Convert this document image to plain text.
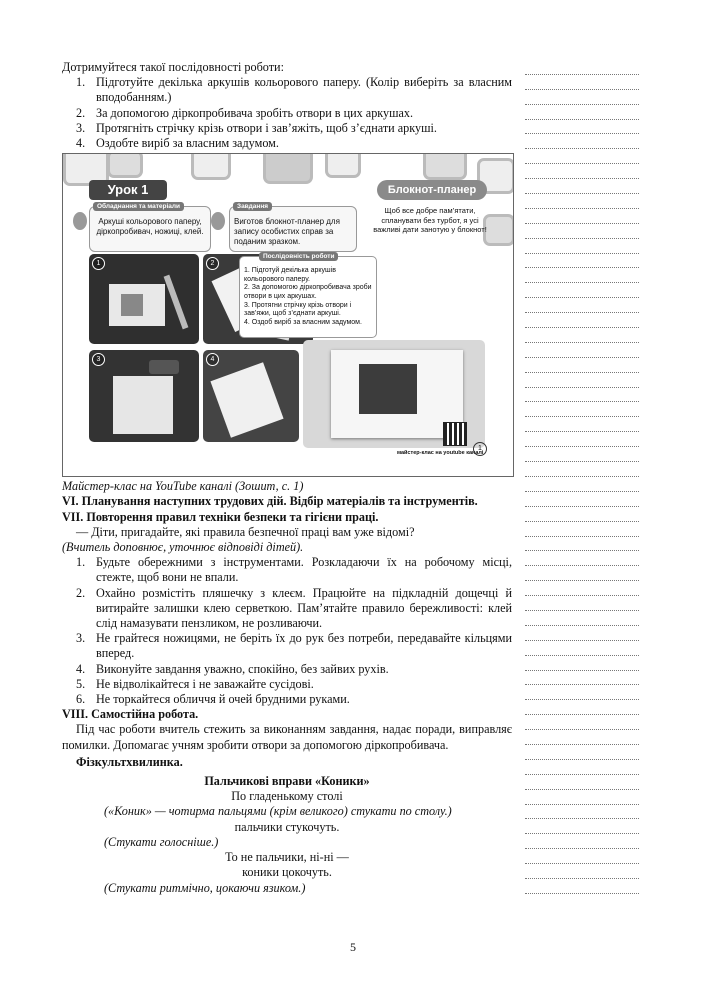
Дотримуйтеся такої послідовності роботи:

1. Підготуйте декілька аркушів кольорового паперу. (Колір виберіть за власним вподобанням.)
2. За допомогою діркопробивача зробіть отвори в цих аркушах.
3. Протягніть стрічку крізь отвори і зав’яжіть, щоб з’єднати аркуші.
4. Оздобте виріб за власним задумом.
Урок 1	Блокнот-планер
Аркуші кольорового паперу, діркопробивач, ножиці, клей.
Обладнання та матеріали
Виготов блокнот-планер для запису особистих справ за поданим зразком.
Завдання	Щоб все добре пам’ятати, спланувати без турбот, я усі важливі дати занотую у блокнот!
1	2
1. Підготуй декілька аркушів кольорового паперу.
2. За допомогою діркопробивача зроби отвори в цих аркушах.
3. Протягни стрічку крізь отвори і зав’яжи, щоб з’єднати аркуші.
4. Оздоб виріб за власним задумом.
Послідовність роботи
3	4
майстер-клас на youtube каналі
1

Майстер-клас на YouTube каналі (Зошит, с. 1)

VI. Планування наступних трудових дій. Відбір матеріалів та інструментів.

VII. Повторення правил техніки безпеки та гігієни праці.

— Діти, пригадайте, які правила безпечної праці вам уже відомі?

(Вчитель доповнює, уточнює відповіді дітей).

1. Будьте обережними з інструментами. Розкладаючи їх на робочому місці, стежте, щоб вони не впали.
2. Охайно розмістіть пляшечку з клеєм. Працюйте на підкладній дощечці й витирайте залишки клею серветкою. Пам’ятайте правило бережливості: клей слід намазувати пензликом, не розливаючи.
3. Не грайтеся ножицями, не беріть їх до рук без потреби, передавайте кільцями вперед.
4. Виконуйте завдання уважно, спокійно, без зайвих рухів.
5. Не відволікайтеся і не заважайте сусідові.
6. Не торкайтеся обличчя й очей брудними руками.

VIII. Самостійна робота.

Під час роботи вчитель стежить за виконанням завдання, надає поради, виправляє помилки. Допомагає учням зробити отвори за допомогою діркопробивача.

Фізкультхвилинка.

Пальчикові вправи «Коники»

По гладенькому столі

(«Коник» — чотирма пальцями (крім великого) стукати по столу.)

пальчики стукочуть.

(Стукати голосніше.)

То не пальчики, ні-ні —

коники цокочуть.

(Стукати ритмічно, цокаючи язиком.)

5
